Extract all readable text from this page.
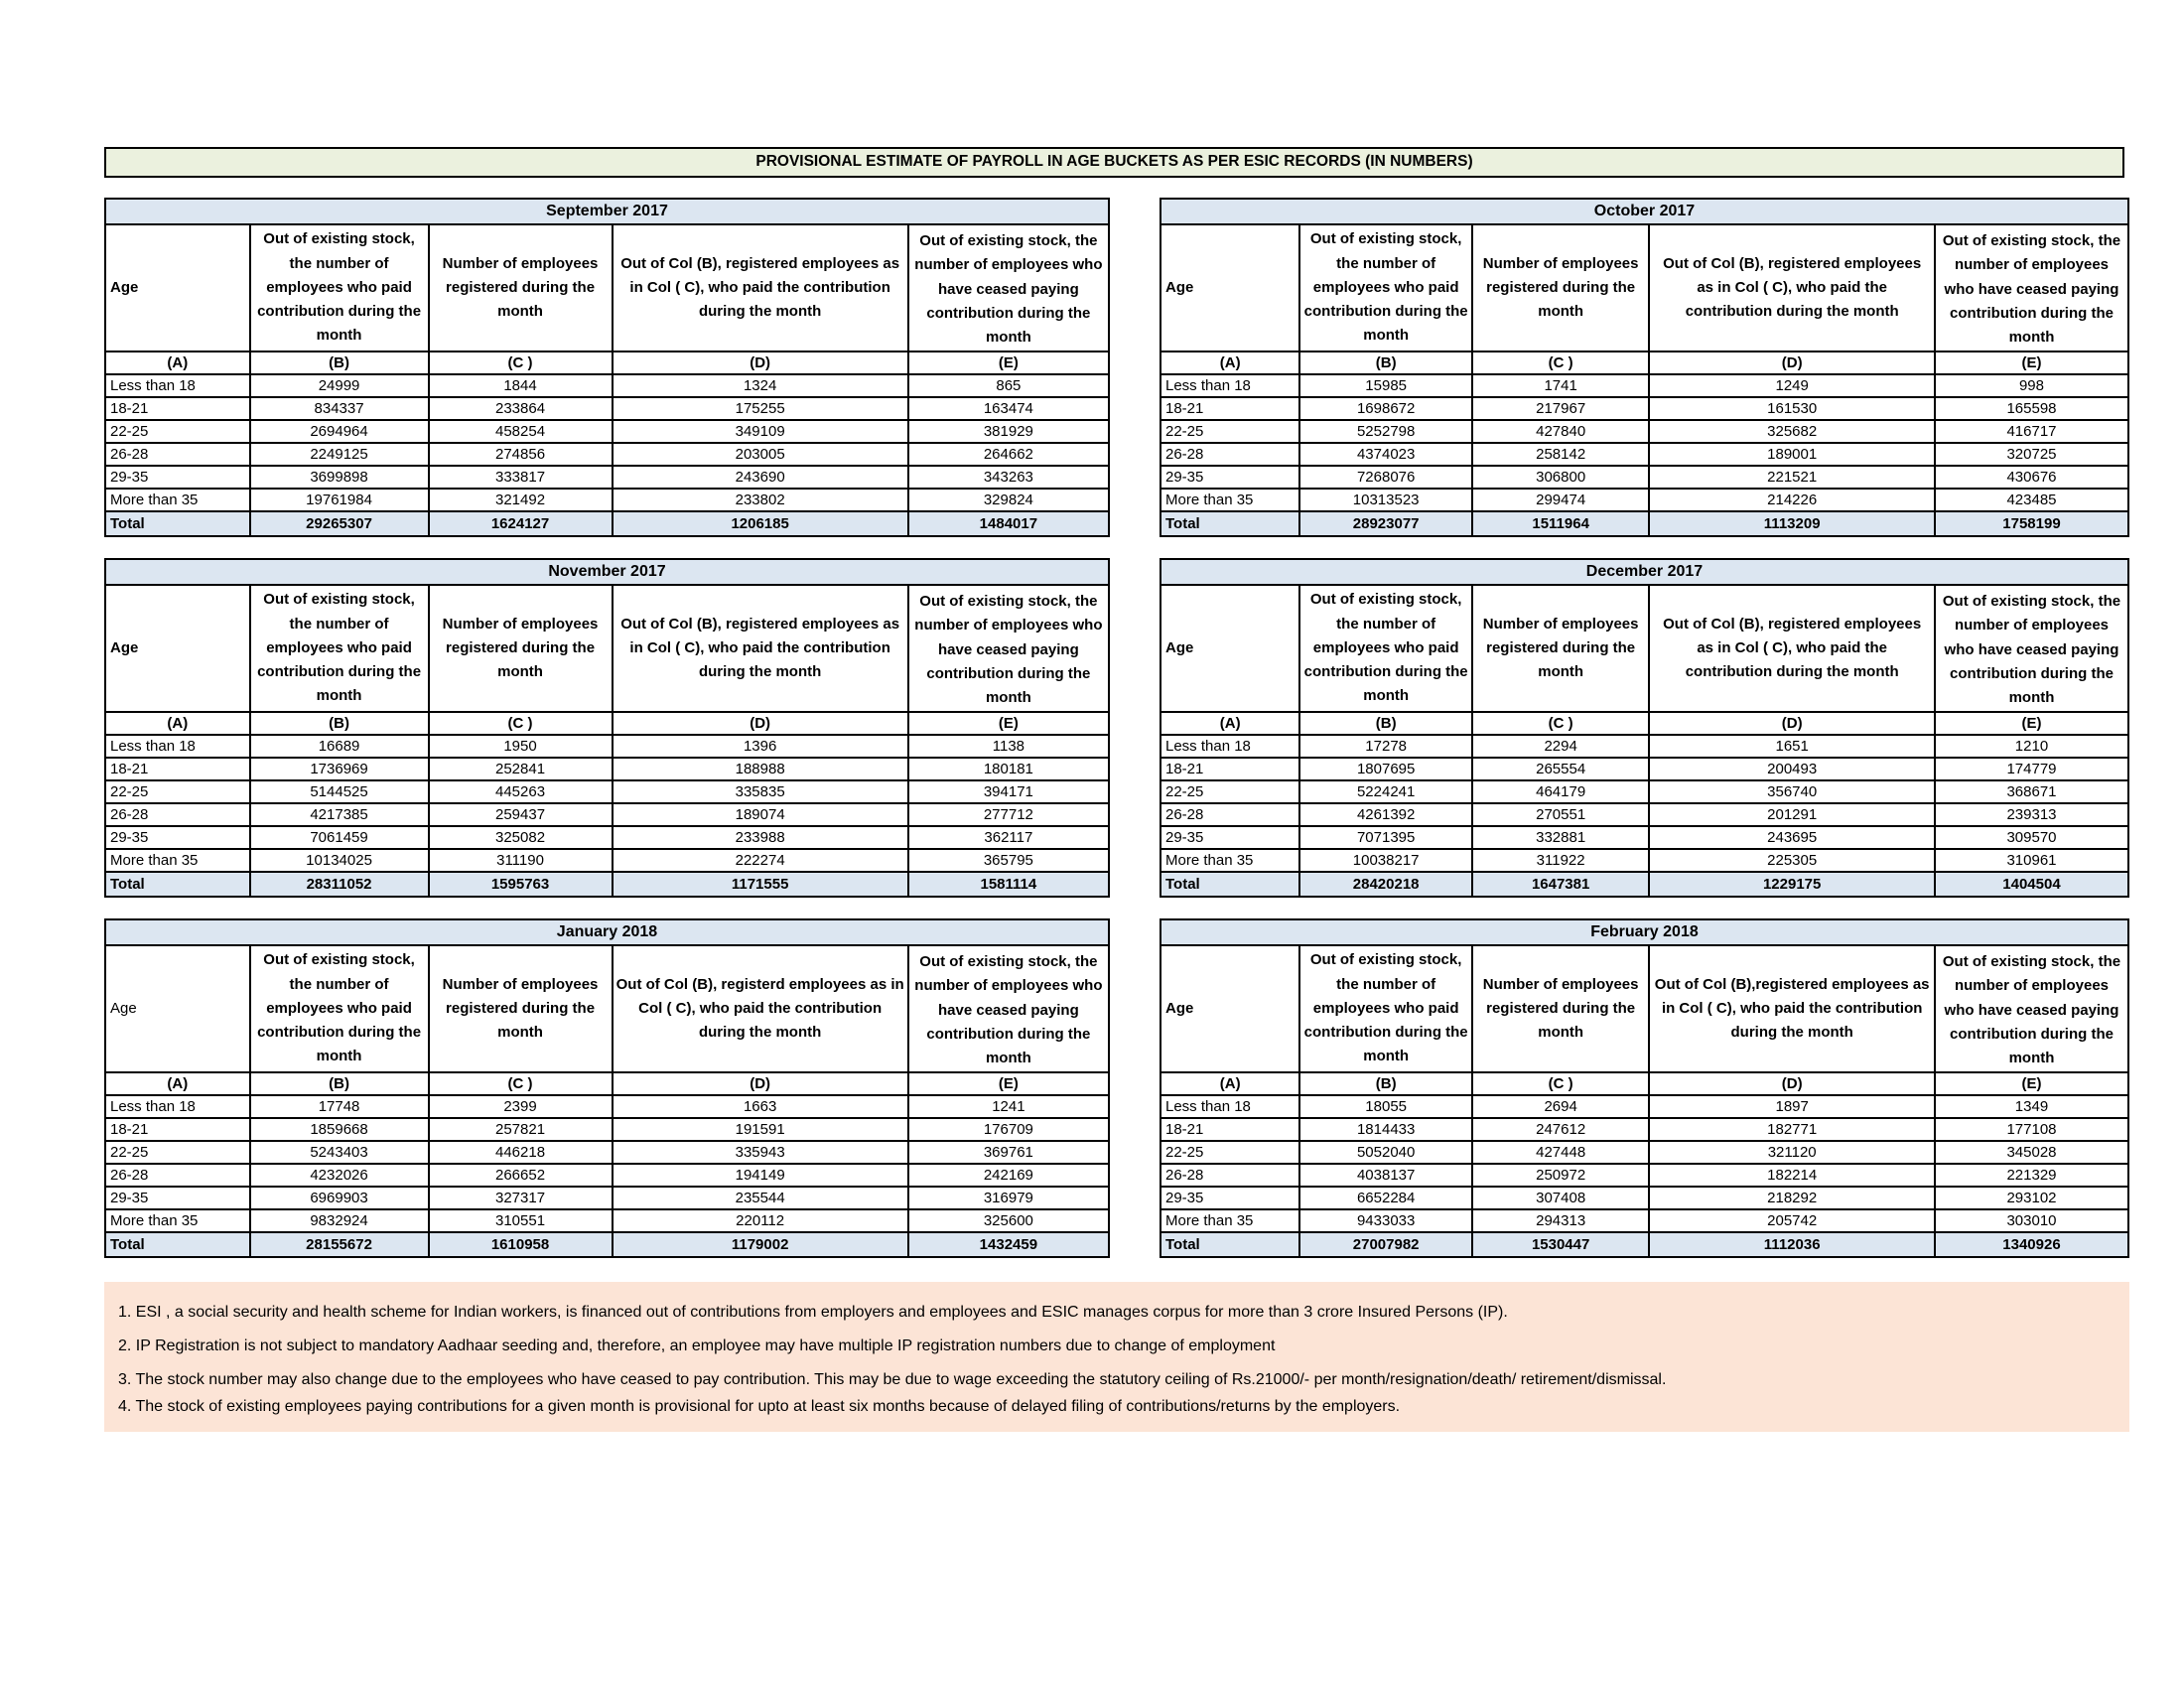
PROVISIONAL ESTIMATE OF PAYROLL IN AGE BUCKETS AS PER ESIC RECORDS (IN NUMBERS)
September 2017				
Age	Out of existing stock, the number of employees who paid contribution during the month	Number of employees registered during the month	Out of Col (B), registered employees as in Col ( C), who paid the contribution during the month	Out of existing stock, the number of employees who have ceased paying contribution during the month
(A)	(B)	(C )	(D)	(E)
Less than 18	24999	1844	1324	865
18-21	834337	233864	175255	163474
22-25	2694964	458254	349109	381929
26-28	2249125	274856	203005	264662
29-35	3699898	333817	243690	343263
More than 35	19761984	321492	233802	329824
Total	29265307	1624127	1206185	1484017
October 2017				
Age	Out of existing stock, the number of employees who paid contribution during the month	Number of employees registered during the month	Out of Col (B), registered employees as in Col ( C), who paid the contribution during the month	Out of existing stock, the number of employees who have ceased paying contribution during the month
(A)	(B)	(C )	(D)	(E)
Less than 18	15985	1741	1249	998
18-21	1698672	217967	161530	165598
22-25	5252798	427840	325682	416717
26-28	4374023	258142	189001	320725
29-35	7268076	306800	221521	430676
More than 35	10313523	299474	214226	423485
Total	28923077	1511964	1113209	1758199
November 2017				
Age	Out of existing stock, the number of employees who paid contribution during the month	Number of employees registered during the month	Out of Col (B), registered employees as in Col ( C), who paid the contribution during the month	Out of existing stock, the number of employees who have ceased paying contribution during the month
(A)	(B)	(C )	(D)	(E)
Less than 18	16689	1950	1396	1138
18-21	1736969	252841	188988	180181
22-25	5144525	445263	335835	394171
26-28	4217385	259437	189074	277712
29-35	7061459	325082	233988	362117
More than 35	10134025	311190	222274	365795
Total	28311052	1595763	1171555	1581114
December 2017				
Age	Out of existing stock, the number of employees who paid contribution during the month	Number of employees registered during the month	Out of Col (B), registered employees as in Col ( C), who paid the contribution during the month	Out of existing stock, the number of employees who have ceased paying contribution during the month
(A)	(B)	(C )	(D)	(E)
Less than 18	17278	2294	1651	1210
18-21	1807695	265554	200493	174779
22-25	5224241	464179	356740	368671
26-28	4261392	270551	201291	239313
29-35	7071395	332881	243695	309570
More than 35	10038217	311922	225305	310961
Total	28420218	1647381	1229175	1404504
January 2018				
Age	Out of existing stock, the number of employees who paid contribution during the month	Number of employees registered during the month	Out of Col (B), registerd employees as in Col ( C), who paid the contribution during the month	Out of existing stock, the number of employees who have ceased paying contribution during the month
(A)	(B)	(C )	(D)	(E)
Less than 18	17748	2399	1663	1241
18-21	1859668	257821	191591	176709
22-25	5243403	446218	335943	369761
26-28	4232026	266652	194149	242169
29-35	6969903	327317	235544	316979
More than 35	9832924	310551	220112	325600
Total	28155672	1610958	1179002	1432459
February 2018				
Age	Out of existing stock, the number of employees who paid contribution during the month	Number of employees registered during the month	Out of Col (B),registered employees as in Col ( C), who paid the contribution during the month	Out of existing stock, the number of employees who have ceased paying contribution during the month
(A)	(B)	(C )	(D)	(E)
Less than 18	18055	2694	1897	1349
18-21	1814433	247612	182771	177108
22-25	5052040	427448	321120	345028
26-28	4038137	250972	182214	221329
29-35	6652284	307408	218292	293102
More than 35	9433033	294313	205742	303010
Total	27007982	1530447	1112036	1340926
1. ESI , a social security and health scheme for Indian workers, is financed out of contributions from employers and employees and ESIC manages corpus for more than 3 crore Insured Persons (IP).
2. IP Registration is not subject to mandatory Aadhaar seeding and, therefore, an employee may have multiple IP registration numbers due to change of employment
3. The stock number may also change due to the employees who have ceased to pay contribution. This may be due to wage exceeding the statutory ceiling of Rs.21000/- per month/resignation/death/ retirement/dismissal.
4. The stock of existing employees paying contributions for a given month is provisional for upto at least six months because of delayed filing of contributions/returns by the employers.
